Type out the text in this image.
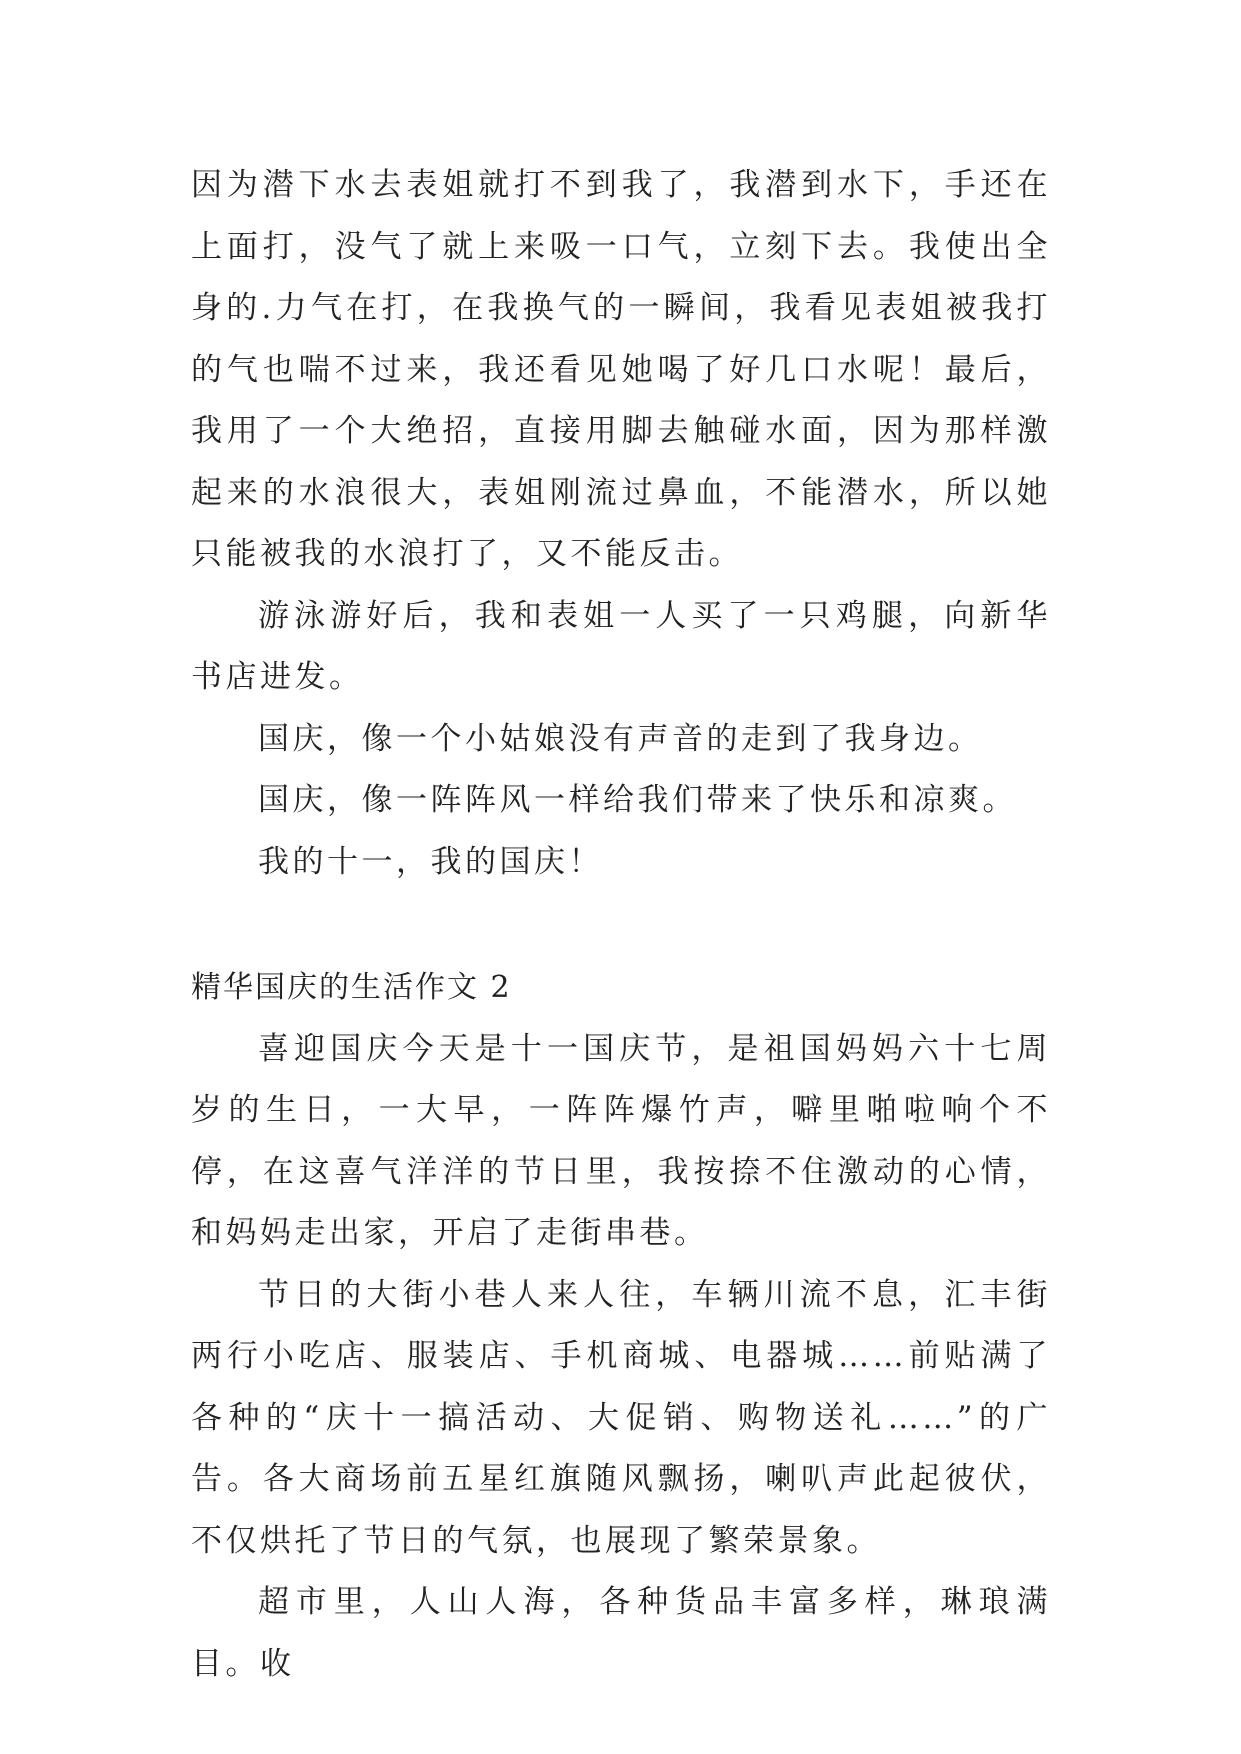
因为潜下水去表姐就打不到我了，我潜到水下，手还在上面打，没气了就上来吸一口气，立刻下去。我使出全身的.力气在打，在我换气的一瞬间，我看见表姐被我打的气也喘不过来，我还看见她喝了好几口水呢！最后，我用了一个大绝招，直接用脚去触碰水面，因为那样激起来的水浪很大，表姐刚流过鼻血，不能潜水，所以她只能被我的水浪打了，又不能反击。

游泳游好后，我和表姐一人买了一只鸡腿，向新华书店进发。

国庆，像一个小姑娘没有声音的走到了我身边。

国庆，像一阵阵风一样给我们带来了快乐和凉爽。

我的十一，我的国庆！

精华国庆的生活作文 2

喜迎国庆今天是十一国庆节，是祖国妈妈六十七周岁的生日，一大早，一阵阵爆竹声，噼里啪啦响个不停，在这喜气洋洋的节日里，我按捺不住激动的心情，和妈妈走出家，开启了走街串巷。

节日的大街小巷人来人往，车辆川流不息，汇丰街两行小吃店、服装店、手机商城、电器城……前贴满了各种的“庆十一搞活动、大促销、购物送礼……”的广告。各大商场前五星红旗随风飘扬，喇叭声此起彼伏，不仅烘托了节日的气氛，也展现了繁荣景象。

超市里，人山人海，各种货品丰富多样，琳琅满目。收
